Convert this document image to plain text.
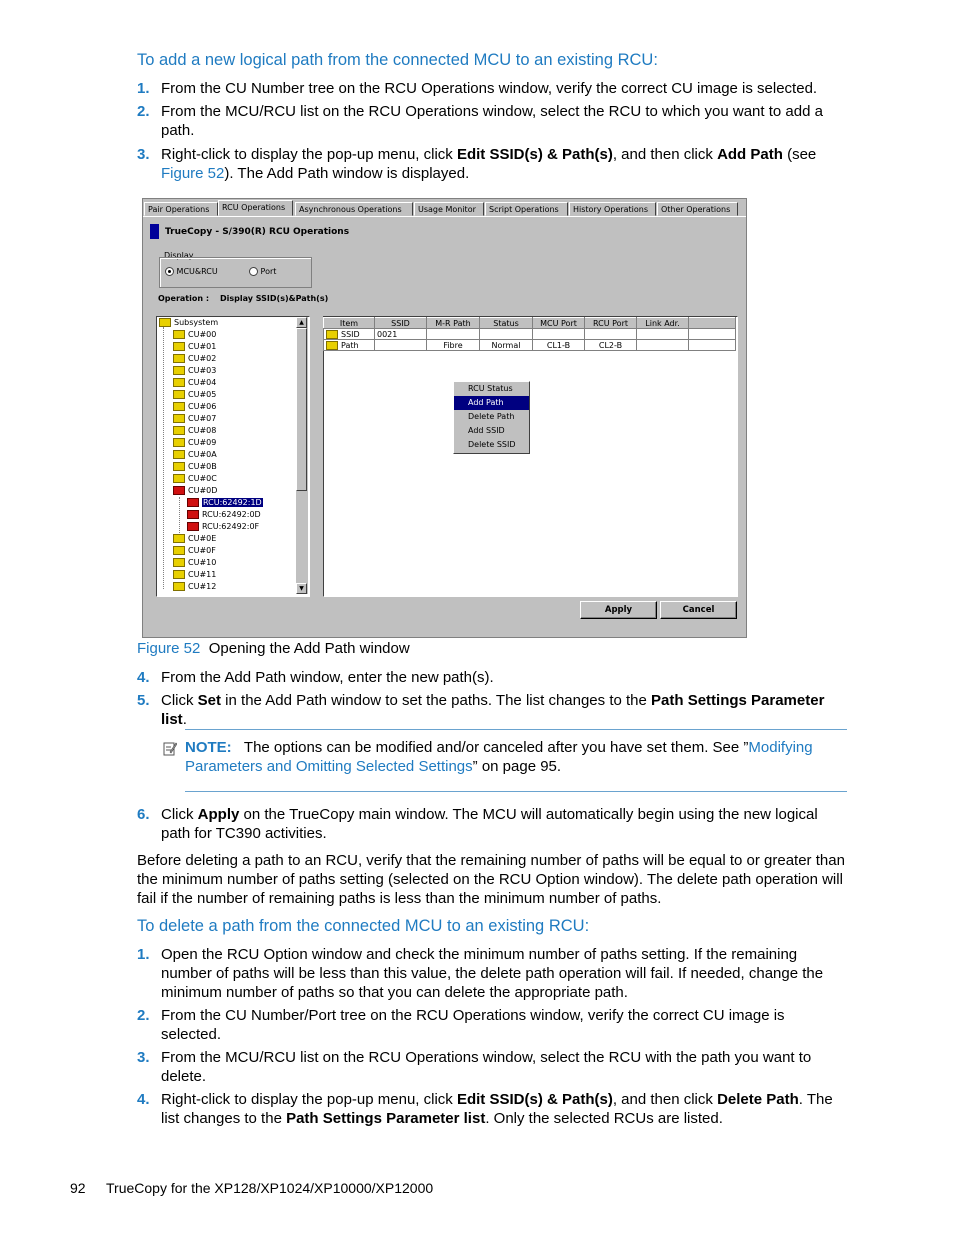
To add a new logical path from the connected MCU to an existing RCU:
1. From the CU Number tree on the RCU Operations window, verify the correct CU image is selected.
2. From the MCU/RCU list on the RCU Operations window, select the RCU to which you want to add a path.
3. Right-click to display the pop-up menu, click Edit SSID(s) & Path(s), and then click Add Path (see Figure 52). The Add Path window is displayed.
Pair Operations	RCU Operations	Asynchronous Operations	Usage Monitor	Script Operations	History Operations	Other Operations
TrueCopy - S/390(R) RCU Operations
Display
MCU&RCU	Port
Operation : Display SSID(s)&Path(s)
Subsystem
CU#00
CU#01
CU#02
CU#03
CU#04
CU#05
CU#06
CU#07
CU#08
CU#09
CU#0A
CU#0B
CU#0C
CU#0D
RCU:62492:1D
RCU:62492:0D
RCU:62492:0F
CU#0E
CU#0F
CU#10
CU#11
CU#12
▲
▼
Item	SSID	M-R Path	Status	MCU Port	RCU Port	Link Adr.	
SSID	0021						
Path		Fibre	Normal	CL1-B	CL2-B		
RCU Status
Add Path
Delete Path
Add SSID
Delete SSID
Apply	Cancel
Figure 52 Opening the Add Path window
4. From the Add Path window, enter the new path(s).
5. Click Set in the Add Path window to set the paths. The list changes to the Path Settings Parameter list.
NOTE: The options can be modified and/or canceled after you have set them. See ”Modifying Parameters and Omitting Selected Settings” on page 95.
6. Click Apply on the TrueCopy main window. The MCU will automatically begin using the new logical path for TC390 activities.
Before deleting a path to an RCU, verify that the remaining number of paths will be equal to or greater than the minimum number of paths setting (selected on the RCU Option window). The delete path operation will fail if the number of remaining paths is less than the minimum number of paths.
To delete a path from the connected MCU to an existing RCU:
1. Open the RCU Option window and check the minimum number of paths setting. If the remaining number of paths will be less than this value, the delete path operation will fail. If needed, change the minimum number of paths so that you can delete the appropriate path.
2. From the CU Number/Port tree on the RCU Operations window, verify the correct CU image is selected.
3. From the MCU/RCU list on the RCU Operations window, select the RCU with the path you want to delete.
4. Right-click to display the pop-up menu, click Edit SSID(s) & Path(s), and then click Delete Path. The list changes to the Path Settings Parameter list. Only the selected RCUs are listed.
92 TrueCopy for the XP128/XP1024/XP10000/XP12000
